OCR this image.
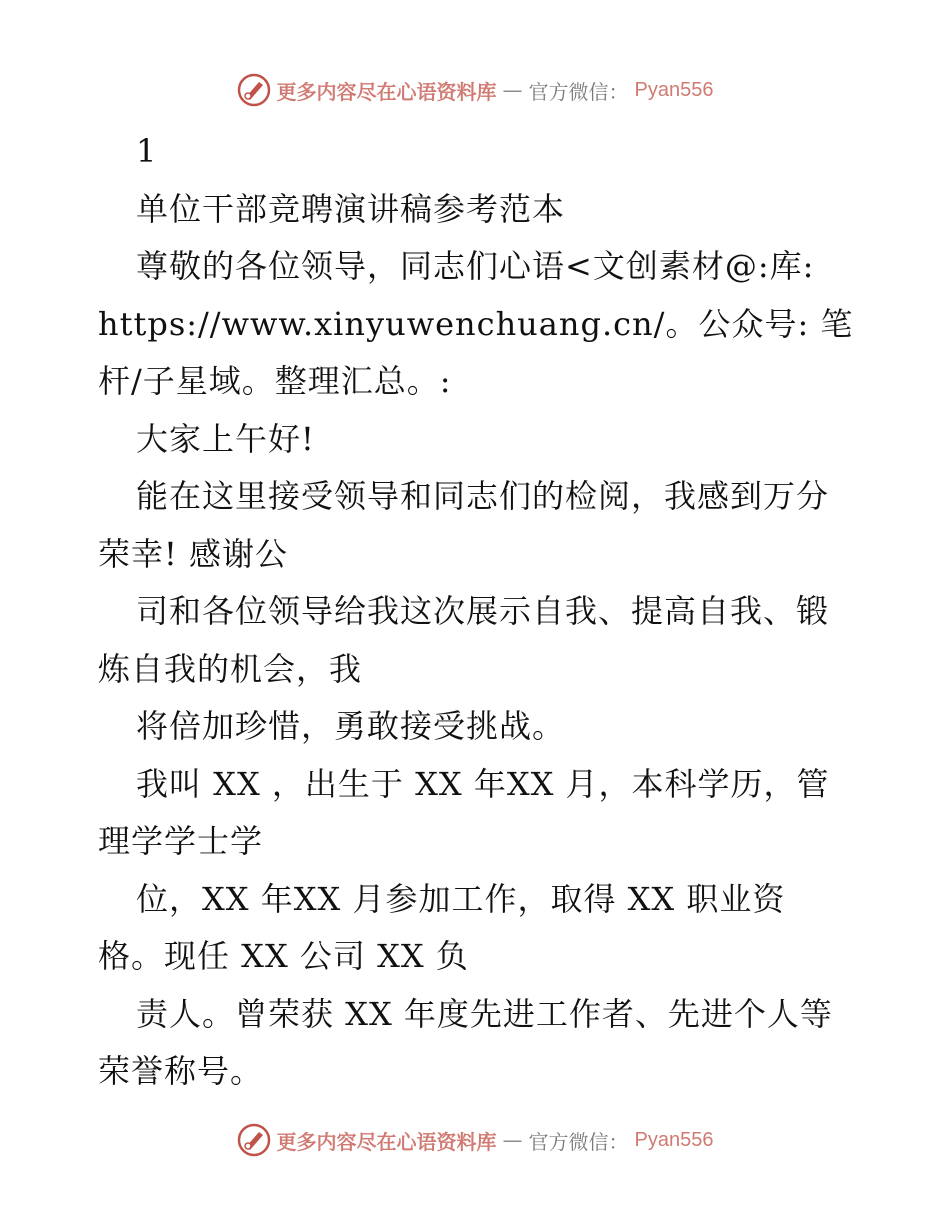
更多内容尽在心语资料库 — 官方微信： Pyan556
1
单位干部竞聘演讲稿参考范本
尊敬的各位领导，同志们心语<文创素材@:库:
https://www.xinyuwenchuang.cn/。公众号: 笔
杆/子星域。整理汇总。:
大家上午好!
能在这里接受领导和同志们的检阅，我感到万分
荣幸! 感谢公
司和各位领导给我这次展示自我、提高自我、锻
炼自我的机会，我
将倍加珍惜，勇敢接受挑战。
我叫 XX ，出生于 XX 年XX 月，本科学历，管
理学学士学
位，XX 年XX 月参加工作，取得 XX 职业资
格。现任 XX 公司 XX 负
责人。曾荣获 XX 年度先进工作者、先进个人等
荣誉称号。
更多内容尽在心语资料库 — 官方微信： Pyan556
